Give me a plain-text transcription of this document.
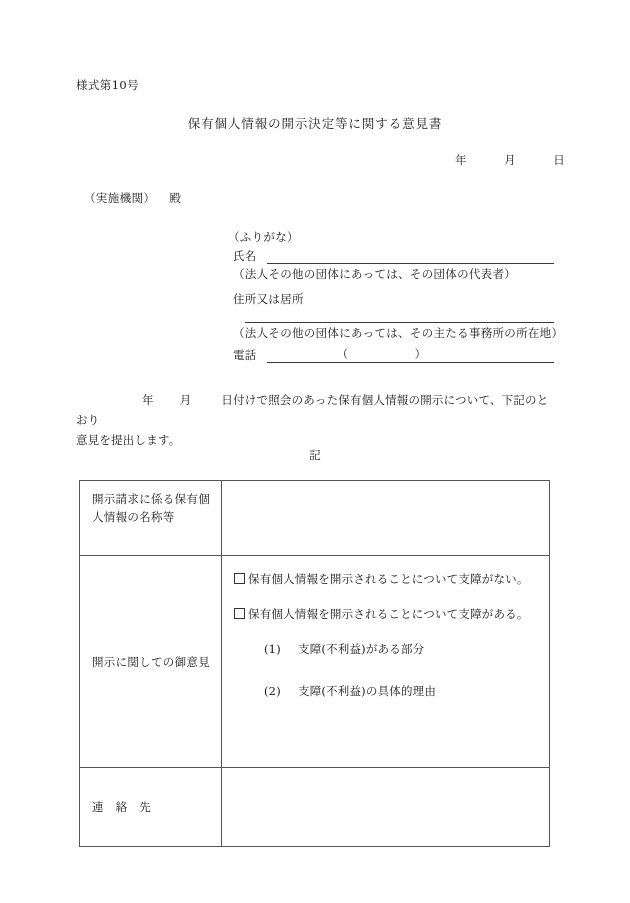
様式第10号
保有個人情報の開示決定等に関する意見書
年	月	日
（実施機関） 殿
（ふりがな）
氏名
（法人その他の団体にあっては、その団体の代表者）
住所又は居所
（法人その他の団体にあっては、その主たる事務所の所在地）
電話	（	）
年 月	日付けで照会のあった保有個人情報の開示について、下記のとおり
意見を提出します。
記
開示請求に係る保有個人情報の名称等	
開示に関しての御意見	保有個人情報を開示されることについて支障がない。
保有個人情報を開示されることについて支障がある。
(1) 支障(不利益)がある部分
(2) 支障(不利益)の具体的理由

連　絡　先	
